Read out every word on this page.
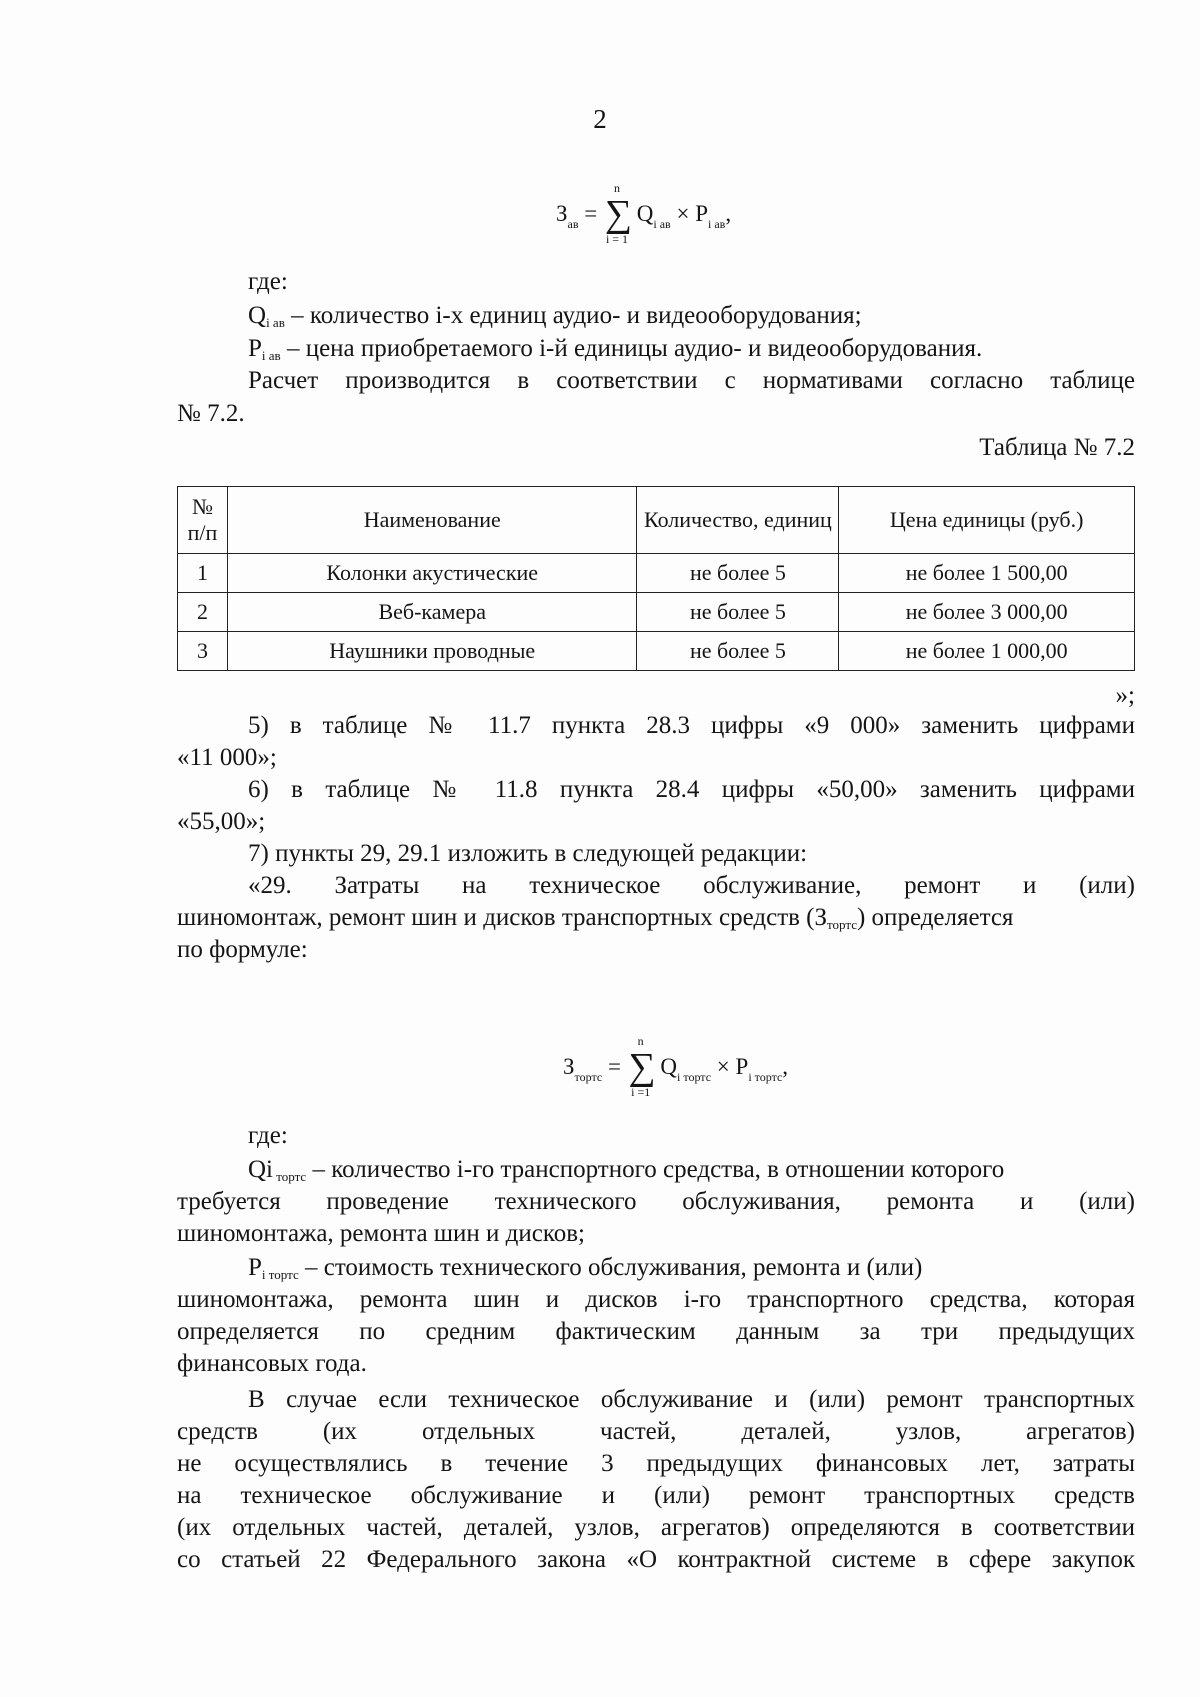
2
$З_{ав}$ = ∑
n
i = 1
$Q_{i ав} \times P_{i ав}$,
где:
Qi ав – количество i-х единиц аудио- и видеооборудования;
Pi ав – цена приобретаемого i-й единицы аудио- и видеооборудования.
Расчет производится в соответствии с нормативами согласно таблице
№ 7.2.
Таблица № 7.2
№ п/п	Наименование	Количество, единиц	Цена единицы (руб.)
1	Колонки акустические	не более 5	не более 1 500,00
2	Веб-камера	не более 5	не более 3 000,00
3	Наушники проводные	не более 5	не более 1 000,00
»;
5) в таблице № 11.7 пункта 28.3 цифры «9 000» заменить цифрами
«11 000»;
6) в таблице № 11.8 пункта 28.4 цифры «50,00» заменить цифрами
«55,00»;
7) пункты 29, 29.1 изложить в следующей редакции:
«29. Затраты на техническое обслуживание, ремонт и (или)
шиномонтаж, ремонт шин и дисков транспортных средств (Зтортс) определяется
по формуле:
$З_{тортс}$ = ∑
n
i =1
$Q_{i тортс} \times P_{i тортс}$,
где:
Qi тортс – количество i-го транспортного средства, в отношении которого
требуется проведение технического обслуживания, ремонта и (или)
шиномонтажа, ремонта шин и дисков;
Pi тортс – стоимость технического обслуживания, ремонта и (или)
шиномонтажа, ремонта шин и дисков i-го транспортного средства, которая
определяется по средним фактическим данным за три предыдущих
финансовых года.
В случае если техническое обслуживание и (или) ремонт транспортных
средств (их отдельных частей, деталей, узлов, агрегатов)
не осуществлялись в течение 3 предыдущих финансовых лет, затраты
на техническое обслуживание и (или) ремонт транспортных средств
(их отдельных частей, деталей, узлов, агрегатов) определяются в соответствии
со статьей 22 Федерального закона «О контрактной системе в сфере закупок
